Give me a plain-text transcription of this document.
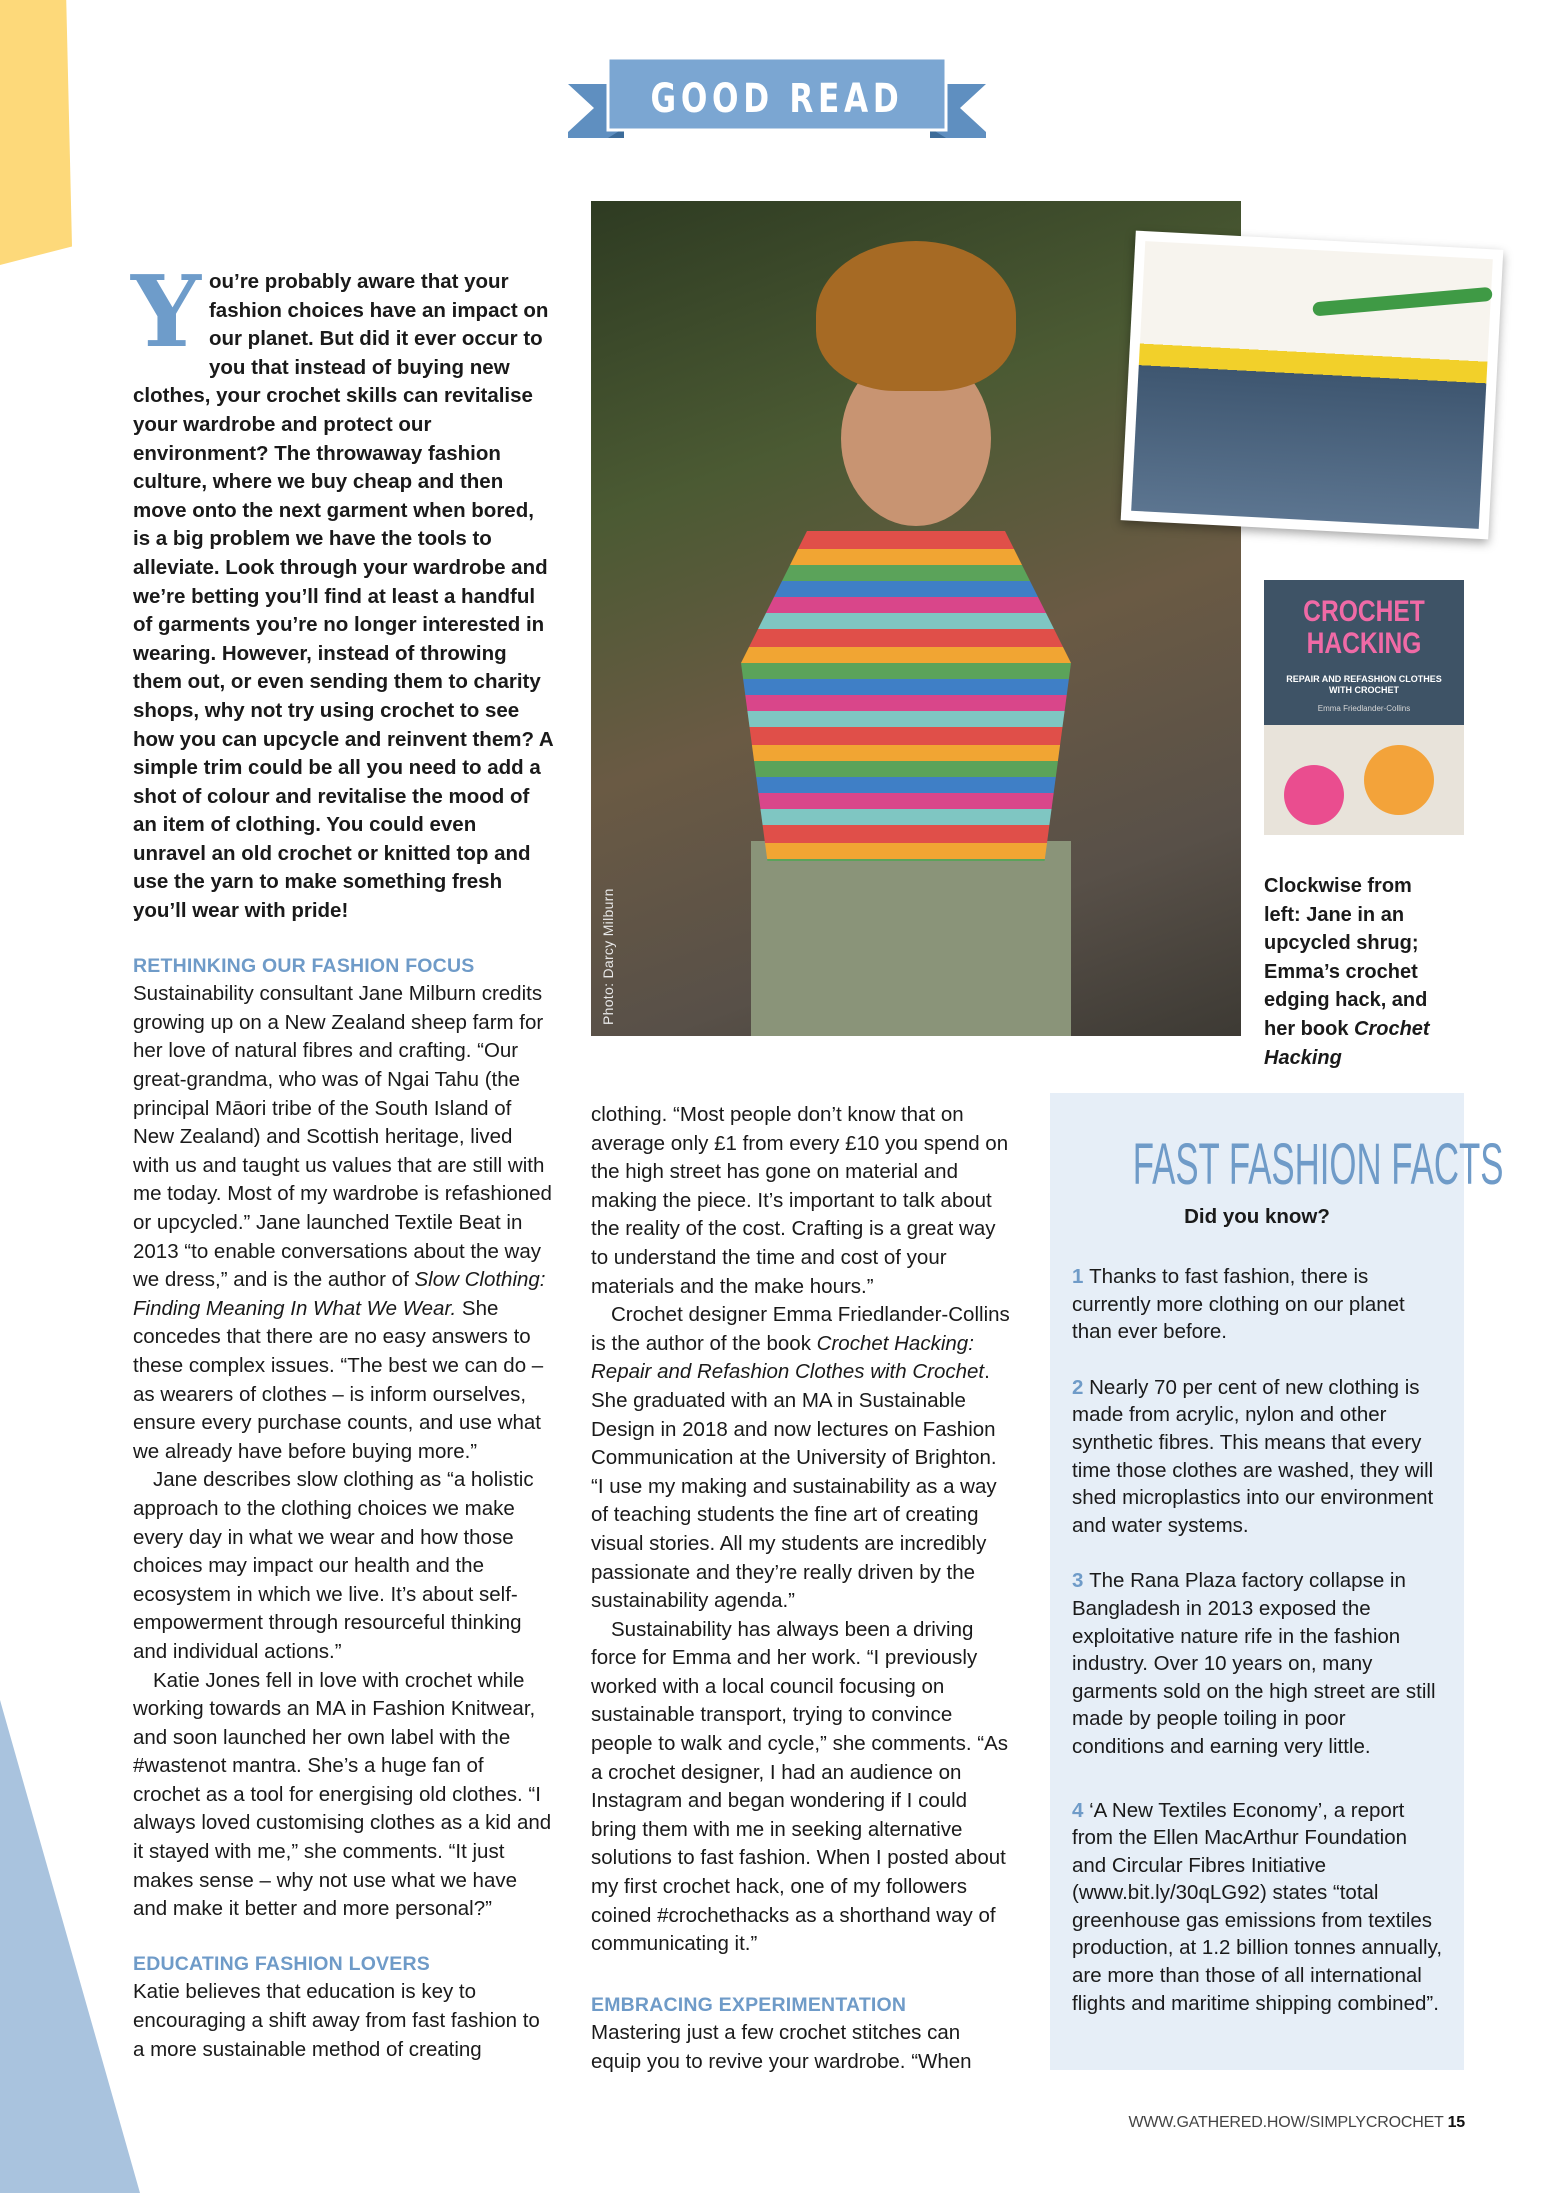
GOOD READ

You’re probably aware that your fashion choices have an impact on our planet. But did it ever occur to you that instead of buying new clothes, your crochet skills can revitalise your wardrobe and protect our environment? The throwaway fashion culture, where we buy cheap and then move onto the next garment when bored, is a big problem we have the tools to alleviate. Look through your wardrobe and we’re betting you’ll find at least a handful of garments you’re no longer interested in wearing. However, instead of throwing them out, or even sending them to charity shops, why not try using crochet to see how you can upcycle and reinvent them? A simple trim could be all you need to add a shot of colour and revitalise the mood of an item of clothing. You could even unravel an old crochet or knitted top and use the yarn to make something fresh you’ll wear with pride!

RETHINKING OUR FASHION FOCUS

Sustainability consultant Jane Milburn credits growing up on a New Zealand sheep farm for her love of natural fibres and crafting. “Our great-grandma, who was of Ngai Tahu (the principal Māori tribe of the South Island of New Zealand) and Scottish heritage, lived with us and taught us values that are still with me today. Most of my wardrobe is refashioned or upcycled.” Jane launched Textile Beat in 2013 “to enable conversations about the way we dress,” and is the author of Slow Clothing: Finding Meaning In What We Wear. She concedes that there are no easy answers to these complex issues. “The best we can do – as wearers of clothes – is inform ourselves, ensure every purchase counts, and use what we already have before buying more.”

Jane describes slow clothing as “a holistic approach to the clothing choices we make every day in what we wear and how those choices may impact our health and the ecosystem in which we live. It’s about self-empowerment through resourceful thinking and individual actions.”

Katie Jones fell in love with crochet while working towards an MA in Fashion Knitwear, and soon launched her own label with the #wastenot mantra. She’s a huge fan of crochet as a tool for energising old clothes. “I always loved customising clothes as a kid and it stayed with me,” she comments. “It just makes sense – why not use what we have and make it better and more personal?”

EDUCATING FASHION LOVERS

Katie believes that education is key to encouraging a shift away from fast fashion to a more sustainable method of creating

Photo: Darcy Milburn
CROCHET HACKING
REPAIR AND REFASHION CLOTHES WITH CROCHET
Emma Friedlander-Collins
Clockwise from left: Jane in an upcycled shrug; Emma’s crochet edging hack, and her book Crochet Hacking

clothing. “Most people don’t know that on average only £1 from every £10 you spend on the high street has gone on material and making the piece. It’s important to talk about the reality of the cost. Crafting is a great way to understand the time and cost of your materials and the make hours.”

Crochet designer Emma Friedlander-Collins is the author of the book Crochet Hacking: Repair and Refashion Clothes with Crochet. She graduated with an MA in Sustainable Design in 2018 and now lectures on Fashion Communication at the University of Brighton. “I use my making and sustainability as a way of teaching students the fine art of creating visual stories. All my students are incredibly passionate and they’re really driven by the sustainability agenda.”

Sustainability has always been a driving force for Emma and her work. “I previously worked with a local council focusing on sustainable transport, trying to convince people to walk and cycle,” she comments. “As a crochet designer, I had an audience on Instagram and began wondering if I could bring them with me in seeking alternative solutions to fast fashion. When I posted about my first crochet hack, one of my followers coined #crochethacks as a shorthand way of communicating it.”

EMBRACING EXPERIMENTATION

Mastering just a few crochet stitches can equip you to revive your wardrobe. “When

FAST FASHION FACTS
Did you know?

1 Thanks to fast fashion, there is currently more clothing on our planet than ever before.

2 Nearly 70 per cent of new clothing is made from acrylic, nylon and other synthetic fibres. This means that every time those clothes are washed, they will shed microplastics into our environment and water systems.

3 The Rana Plaza factory collapse in Bangladesh in 2013 exposed the exploitative nature rife in the fashion industry. Over 10 years on, many garments sold on the high street are still made by people toiling in poor conditions and earning very little.

4 ‘A New Textiles Economy’, a report from the Ellen MacArthur Foundation and Circular Fibres Initiative (www.bit.ly/30qLG92) states “total greenhouse gas emissions from textiles production, at 1.2 billion tonnes annually, are more than those of all international flights and maritime shipping combined”.

WWW.GATHERED.HOW/SIMPLYCROCHET 15
